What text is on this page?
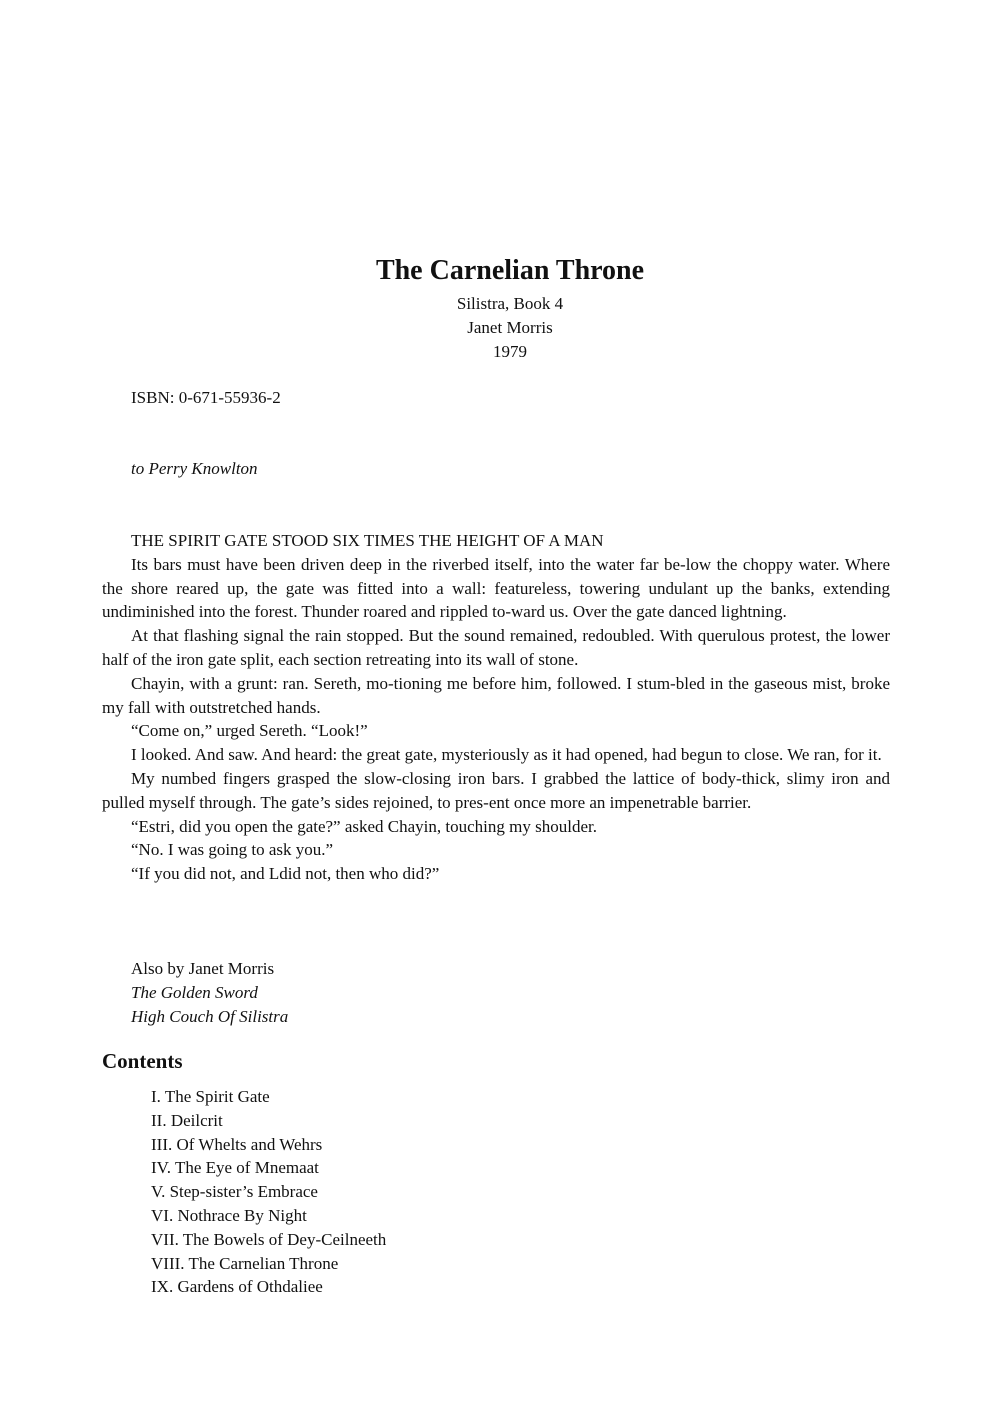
The Carnelian Throne
Silistra, Book 4
Janet Morris
1979
ISBN: 0-671-55936-2
to Perry Knowlton

THE SPIRIT GATE STOOD SIX TIMES THE HEIGHT OF A MAN

Its bars must have been driven deep in the riverbed itself, into the water far be-low the choppy water. Where the shore reared up, the gate was fitted into a wall: featureless, towering undulant up the banks, extending undiminished into the forest. Thunder roared and rippled to-ward us. Over the gate danced lightning.

At that flashing signal the rain stopped. But the sound remained, redoubled. With querulous protest, the lower half of the iron gate split, each section retreating into its wall of stone.

Chayin, with a grunt: ran. Sereth, mo-tioning me before him, followed. I stum-bled in the gaseous mist, broke my fall with outstretched hands.

“Come on,” urged Sereth. “Look!”

I looked. And saw. And heard: the great gate, mysteriously as it had opened, had begun to close. We ran, for it.

My numbed fingers grasped the slow-closing iron bars. I grabbed the lattice of body-thick, slimy iron and pulled myself through. The gate’s sides rejoined, to pres-ent once more an impenetrable barrier.

“Estri, did you open the gate?” asked Chayin, touching my shoulder.

“No. I was going to ask you.”

“If you did not, and Ldid not, then who did?”

Also by Janet Morris
The Golden Sword
High Couch Of Silistra
Contents
I. The Spirit Gate
II. Deilcrit
III. Of Whelts and Wehrs
IV. The Eye of Mnemaat
V. Step-sister’s Embrace
VI. Nothrace By Night
VII. The Bowels of Dey-Ceilneeth
VIII. The Carnelian Throne
IX. Gardens of Othdaliee
